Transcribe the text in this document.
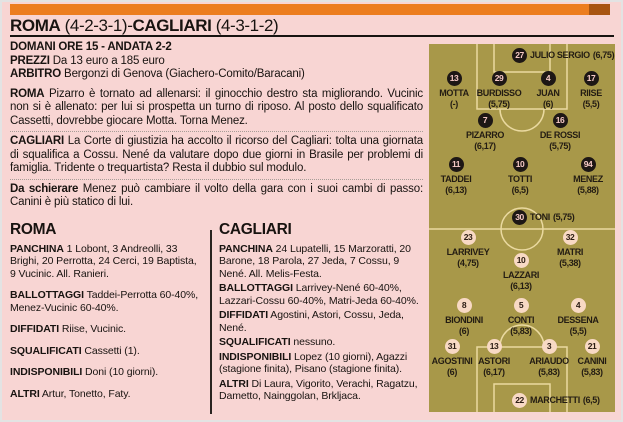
ROMA (4-2-3-1)-CAGLIARI (4-3-1-2)

DOMANI ORE 15 - ANDATA 2-2

PREZZI Da 13 euro a 185 euro

ARBITRO Bergonzi di Genova (Giachero-Comito/Baracani)

ROMA Pizarro è tornato ad allenarsi: il ginocchio destro sta migliorando. Vucinic non si è allenato: per lui si prospetta un turno di riposo. Al posto dello squalificato Cassetti, dovrebbe giocare Motta. Torna Menez.

CAGLIARI La Corte di giustizia ha accolto il ricorso del Cagliari: tolta una giornata di squalifica a Cossu. Nené da valutare dopo due giorni in Brasile per problemi di famiglia. Tridente o trequartista? Resta il dubbio sul modulo.

Da schierare Menez può cambiare il volto della gara con i suoi cambi di passo: Canini è più statico di lui.

ROMA
PANCHINA 1 Lobont, 3 Andreolli, 33 Brighi, 20 Perrotta, 24 Cerci, 19 Baptista, 9 Vucinic. All. Ranieri.
BALLOTTAGGI Taddei-Perrotta 60-40%, Menez-Vucinic 60-40%.
DIFFIDATI Riise, Vucinic.
SQUALIFICATI Cassetti (1).
INDISPONIBILI Doni (10 giorni).
ALTRI Artur, Tonetto, Faty.
CAGLIARI
PANCHINA 24 Lupatelli, 15 Marzoratti, 20 Barone, 18 Parola, 27 Jeda, 7 Cossu, 9 Nené. All. Melis-Festa.
BALLOTTAGGI Larrivey-Nené 60-40%, Lazzari-Cossu 60-40%, Matri-Jeda 60-40%.
DIFFIDATI Agostini, Astori, Cossu, Jeda, Nené.
SQUALIFICATI nessuno.
INDISPONIBILI Lopez (10 giorni), Agazzi (stagione finita), Pisano (stagione finita).
ALTRI Di Laura, Vigorito, Verachi, Ragatzu, Dametto, Nainggolan, Brkljaca.
27 JULIO SERGIO (6,75)
13
MOTTA
(-)
29
BURDISSO
(5,75)
4
JUAN
(6)
17
RIISE
(5,5)
7
PIZARRO
(6,17)
16
DE ROSSI
(5,75)
11
TADDEI
(6,13)
10
TOTTI
(6,5)
94
MENEZ
(5,88)
30 TONI (5,75)
23
LARRIVEY
(4,75)
32
MATRI
(5,38)
10
LAZZARI
(6,13)
8
BIONDINI
(6)
5
CONTI
(5,83)
4
DESSENA
(5,5)
31
AGOSTINI
(6)
13
ASTORI
(6,17)
3
ARIAUDO
(5,83)
21
CANINI
(5,83)
22 MARCHETTI (6,5)
